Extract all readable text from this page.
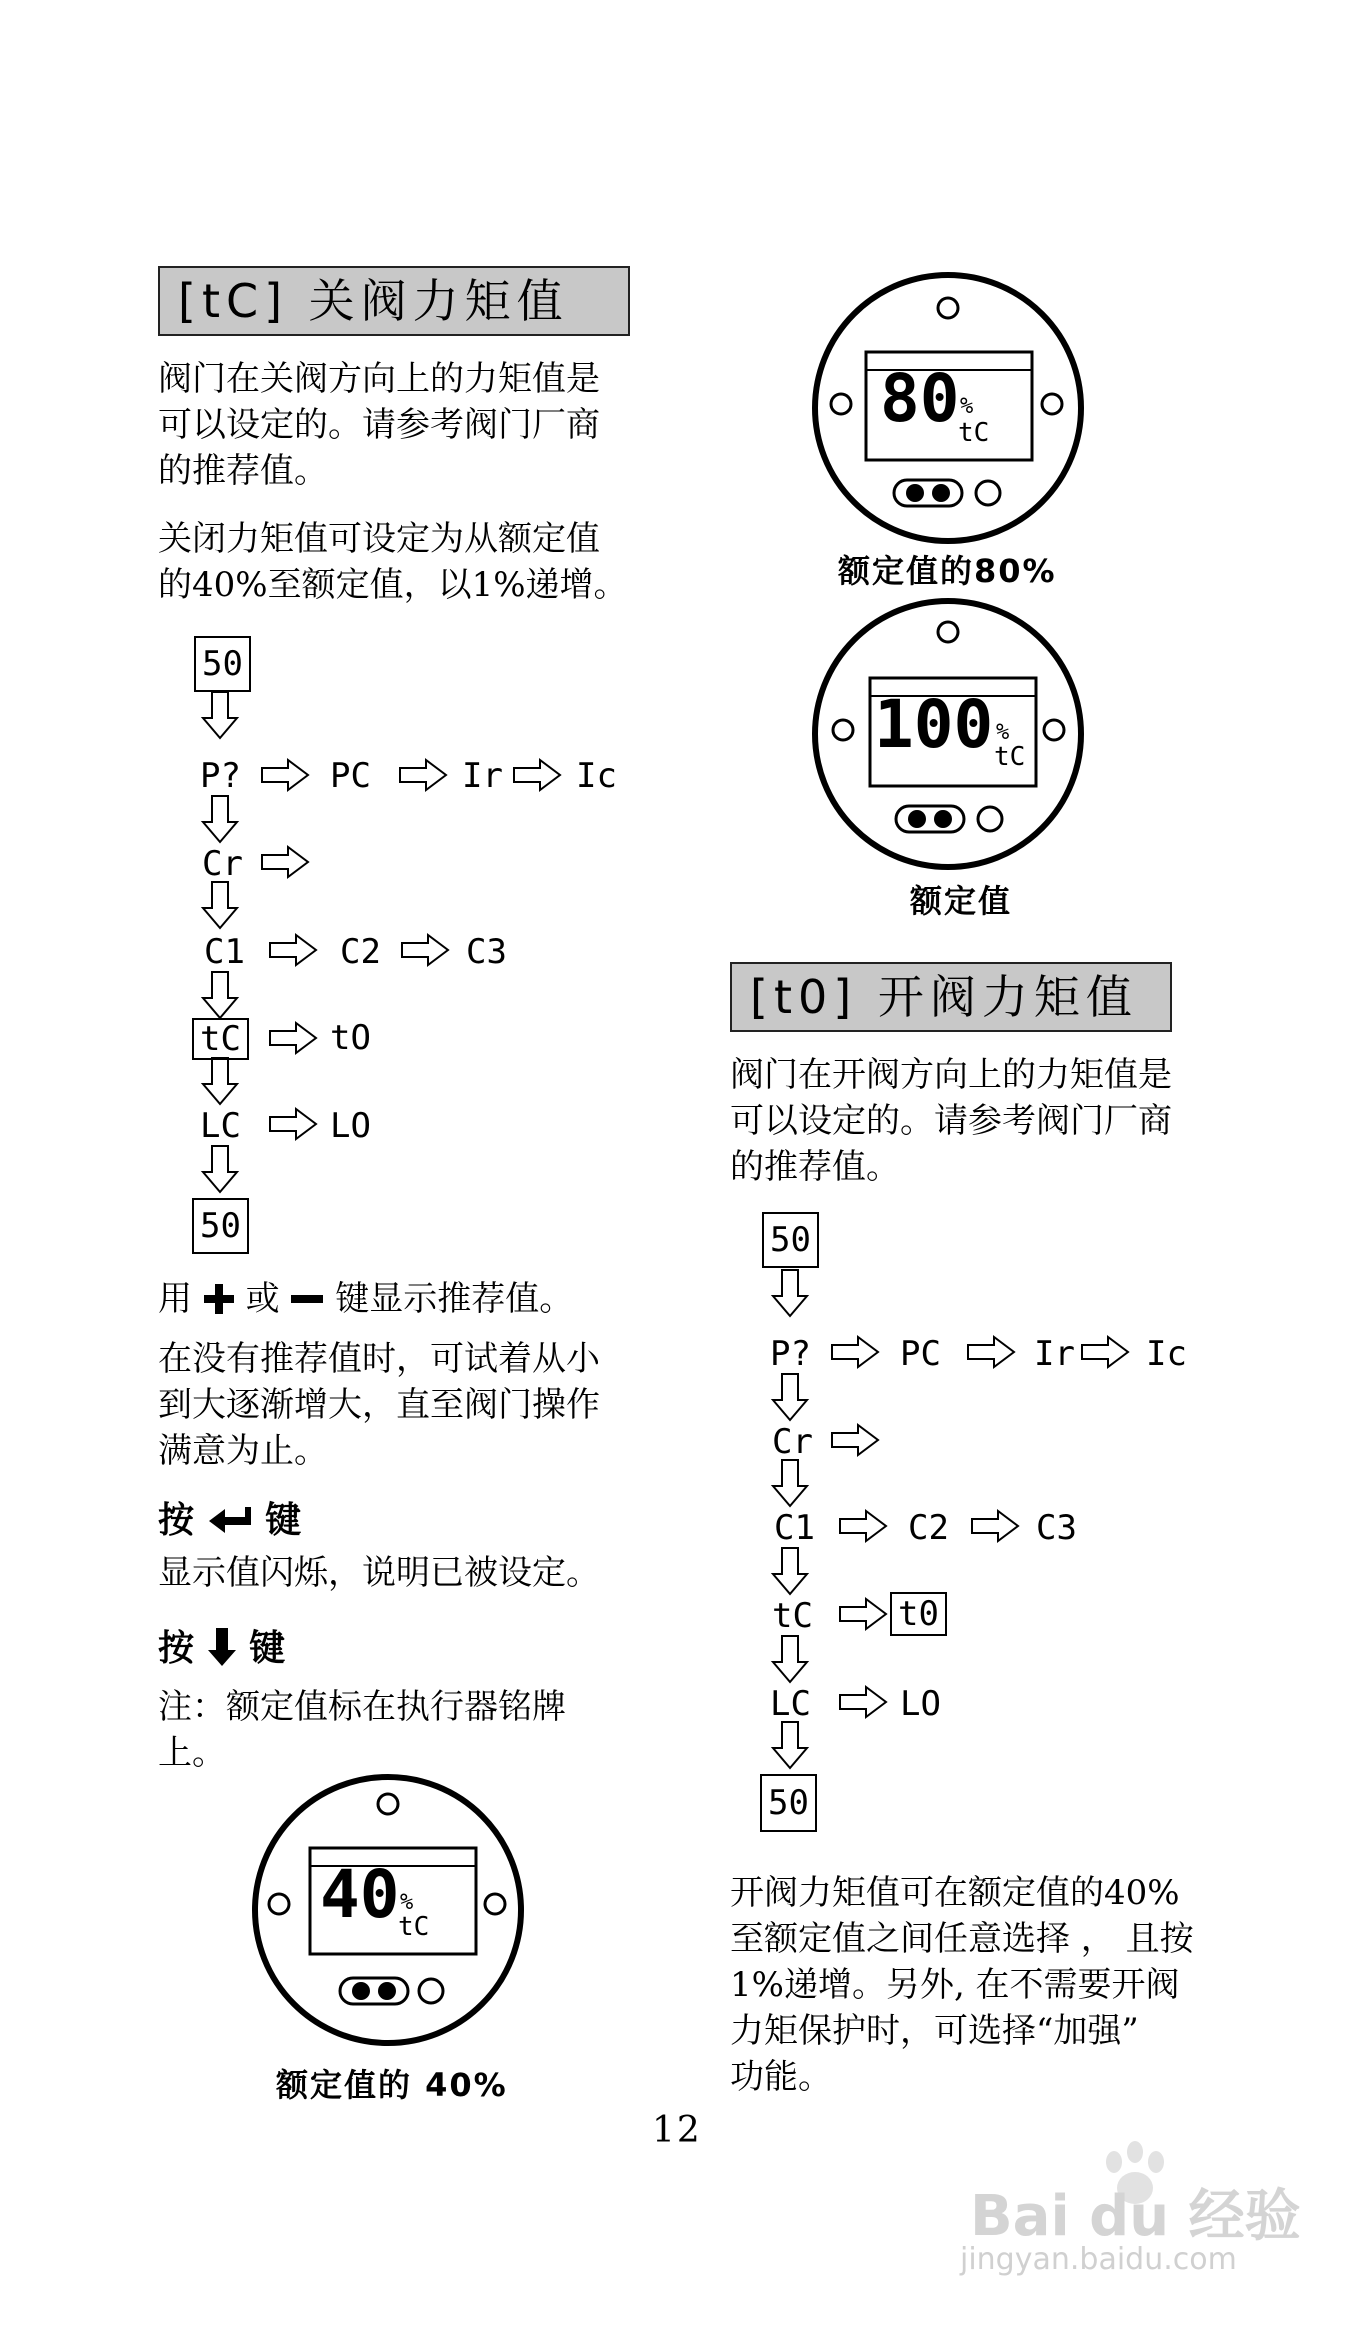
[tC] 关阀力矩值
阀门在关阀方向上的力矩值是
可以设定的。请参考阀门厂商
的推荐值。
关闭力矩值可设定为从额定值
的40%至额定值，以1%递增。
50
P?	PC	Ir Ic
Cr
C1	C2	C3
tC	tO
LC	LO
50
用 或 键显示推荐值。
在没有推荐值时，可试着从小
到大逐渐增大，直至阀门操作
满意为止。
按 键
显示值闪烁，说明已被设定。
按 键
注：额定值标在执行器铭牌
上。
40 %
tC
额定值的 40%
80 %
tC
额定值的80%
100 %
tC
额定值
[t0] 开阀力矩值
阀门在开阀方向上的力矩值是
可以设定的。请参考阀门厂商
的推荐值。
50
P?	PC	Ir Ic
Cr
C1	C2	C3
tC	t0
LC	LO
50
开阀力矩值可在额定值的40%
至额定值之间任意选择 ， 且按
1%递增。另外, 在不需要开阀
力矩保护时，可选择“加强”
功能。
12
Bai du 经验
jingyan.baidu.com
